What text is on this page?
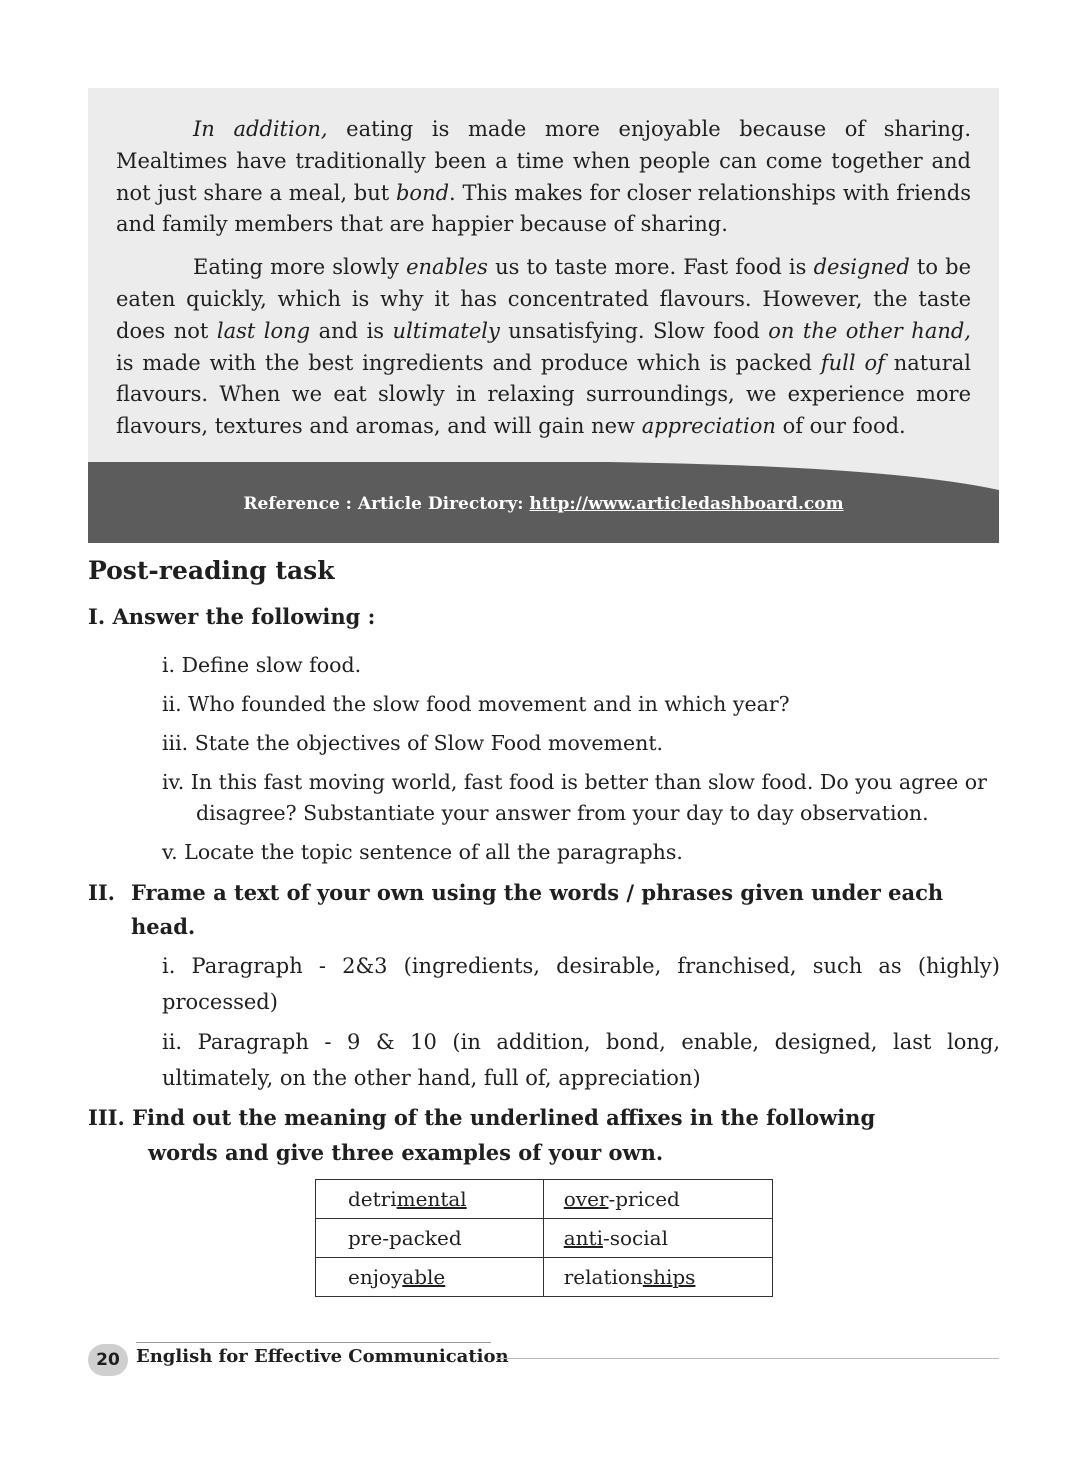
In addition, eating is made more enjoyable because of sharing. Mealtimes have traditionally been a time when people can come together and not just share a meal, but bond. This makes for closer relationships with friends and family members that are happier because of sharing.

Eating more slowly enables us to taste more. Fast food is designed to be eaten quickly, which is why it has concentrated flavours. However, the taste does not last long and is ultimately unsatisfying. Slow food on the other hand, is made with the best ingredients and produce which is packed full of natural flavours. When we eat slowly in relaxing surroundings, we experience more flavours, textures and aromas, and will gain new appreciation of our food.

Reference : Article Directory: http://www.articledashboard.com
Post-reading task
I. Answer the following :
i. Define slow food.
ii. Who founded the slow food movement and in which year?
iii. State the objectives of Slow Food movement.
iv. In this fast moving world, fast food is better than slow food. Do you agree or disagree? Substantiate your answer from your day to day observation.
v. Locate the topic sentence of all the paragraphs.
II. Frame a text of your own using the words / phrases given under each
head.
i. Paragraph - 2&3 (ingredients, desirable, franchised, such as (highly) processed)
ii. Paragraph - 9 & 10 (in addition, bond, enable, designed, last long, ultimately, on the other hand, full of, appreciation)
III. Find out the meaning of the underlined affixes in the following
words and give three examples of your own.
detrimental	over-priced
pre-packed	anti-social
enjoyable	relationships
20 English for Effective Communication
